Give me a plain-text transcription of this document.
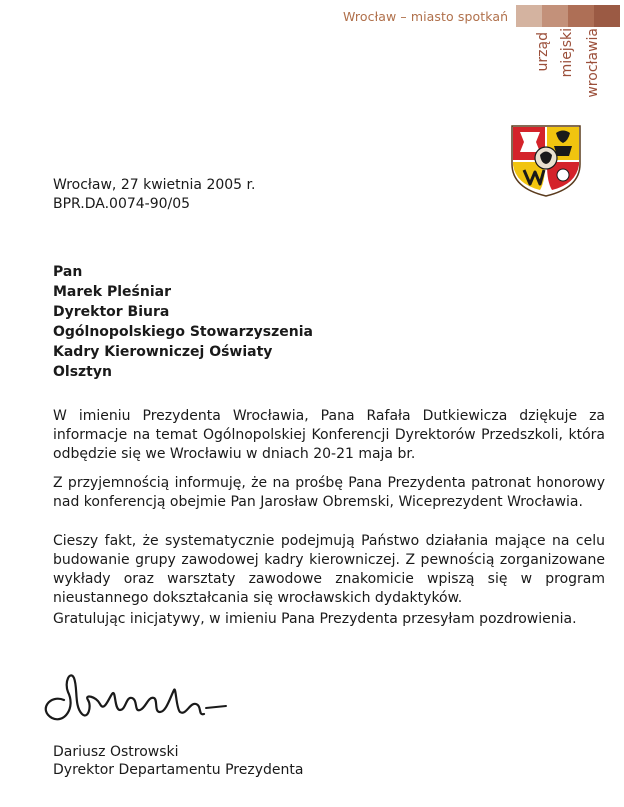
Wrocław – miasto spotkań
urząd miejski wrocławia
Wrocław, 27 kwietnia 2005 r.
BPR.DA.0074-90/05
Pan
Marek Pleśniar
Dyrektor Biura
Ogólnopolskiego Stowarzyszenia
Kadry Kierowniczej Oświaty
Olsztyn
W imieniu Prezydenta Wrocławia, Pana Rafała Dutkiewicza dziękuje za informacje na temat Ogólnopolskiej Konferencji Dyrektorów Przedszkoli, która odbędzie się we Wrocławiu w dniach 20-21 maja br.
Z przyjemnością informuję, że na prośbę Pana Prezydenta patronat honorowy nad konferencją obejmie Pan Jarosław Obremski, Wiceprezydent Wrocławia.
Cieszy fakt, że systematycznie podejmują Państwo działania mające na celu budowanie grupy zawodowej kadry kierowniczej. Z pewnością zorganizowane wykłady oraz warsztaty zawodowe znakomicie wpiszą się w program nieustannego dokształcania się wrocławskich dydaktyków.
Gratulując inicjatywy, w imieniu Pana Prezydenta przesyłam pozdrowienia.
Dariusz Ostrowski
Dyrektor Departamentu Prezydenta
